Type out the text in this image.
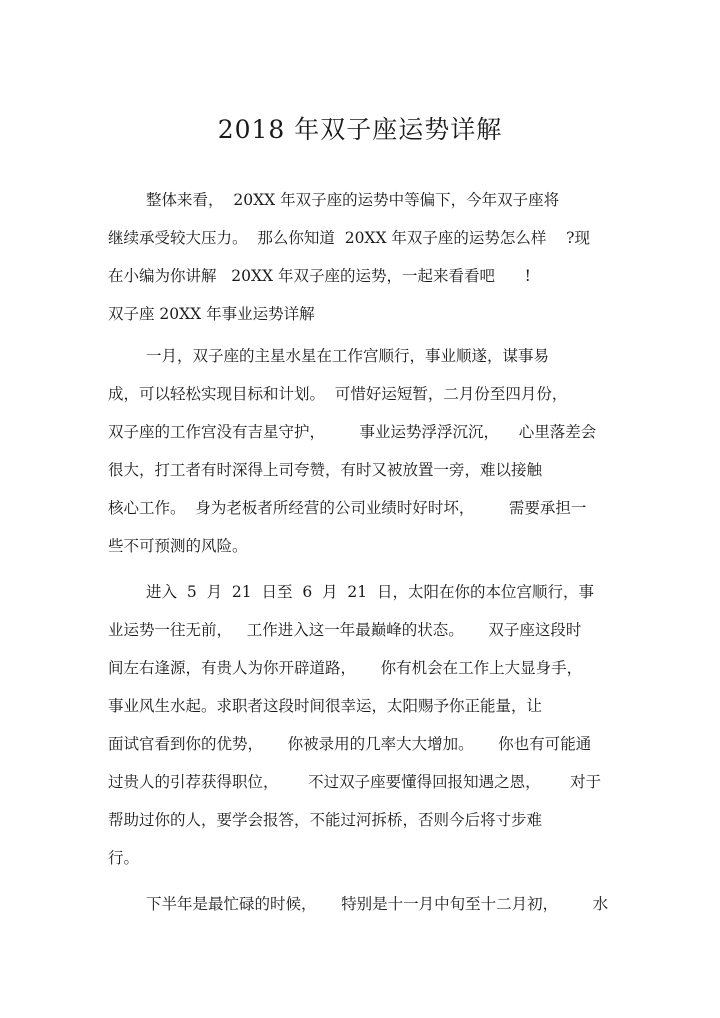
2018 年双子座运势详解
整体来看，  20XX 年双子座的运势中等偏下，今年双子座将
继续承受较大压力。  那么你知道  20XX 年双子座的运势怎么样    ?现
在小编为你讲解   20XX 年双子座的运势，一起来看看吧      !
双子座 20XX 年事业运势详解
一月，双子座的主星水星在工作宫顺行，事业顺遂，谋事易
成，可以轻松实现目标和计划。  可惜好运短暂，二月份至四月份，
双子座的工作宫没有吉星守护，       事业运势浮浮沉沉，    心里落差会
很大，打工者有时深得上司夸赞，有时又被放置一旁，难以接触
核心工作。  身为老板者所经营的公司业绩时好时坏，       需要承担一
些不可预测的风险。
进入  5  月  21  日至  6  月  21  日，太阳在你的本位宫顺行，事
业运势一往无前，   工作进入这一年最巅峰的状态。     双子座这段时
间左右逢源，有贵人为你开辟道路，     你有机会在工作上大显身手，
事业风生水起。求职者这段时间很幸运，太阳赐予你正能量，让
面试官看到你的优势，     你被录用的几率大大增加。     你也有可能通
过贵人的引荐获得职位，      不过双子座要懂得回报知遇之恩，      对于
帮助过你的人，要学会报答，不能过河拆桥，否则今后将寸步难
行。
下半年是最忙碌的时候，     特别是十一月中旬至十二月初，       水
